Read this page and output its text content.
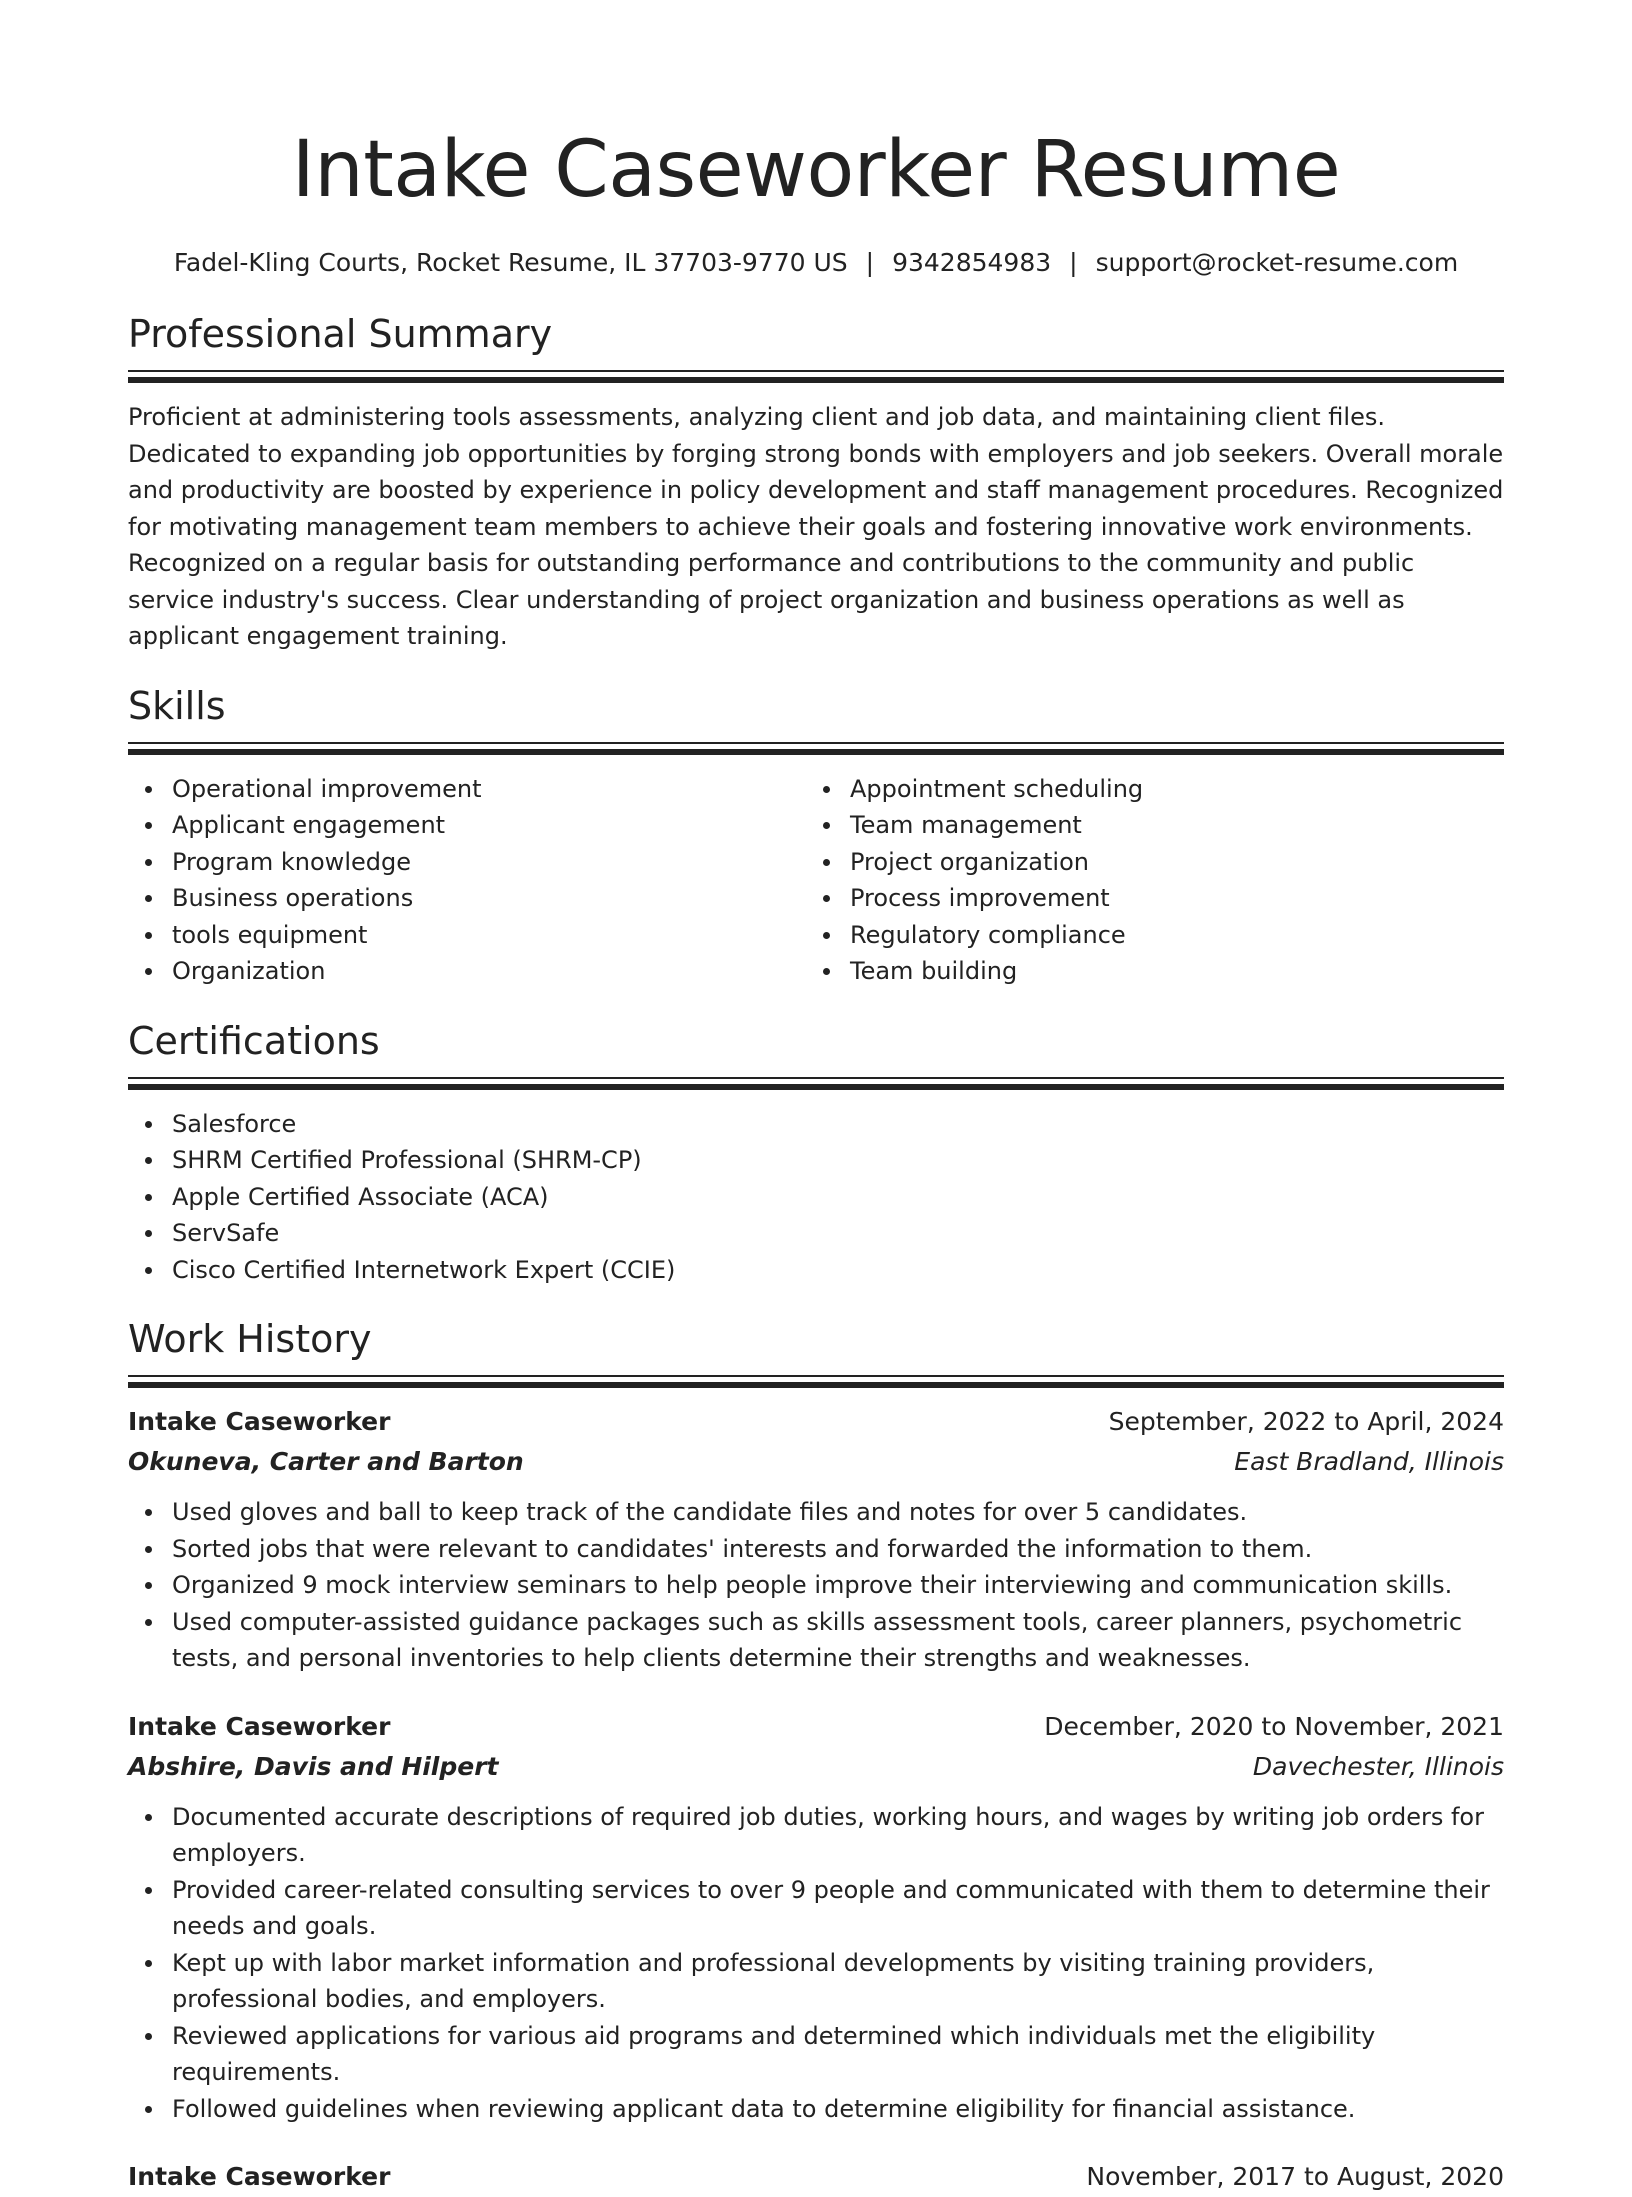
Intake Caseworker Resume
Fadel-Kling Courts, Rocket Resume, IL 37703-9770 US | 9342854983 | support@rocket-resume.com
Professional Summary
Proficient at administering tools assessments, analyzing client and job data, and maintaining client files. Dedicated to expanding job opportunities by forging strong bonds with employers and job seekers. Overall morale and productivity are boosted by experience in policy development and staff management procedures. Recognized for motivating management team members to achieve their goals and fostering innovative work environments. Recognized on a regular basis for outstanding performance and contributions to the community and public service industry's success. Clear understanding of project organization and business operations as well as applicant engagement training.
Skills
Operational improvement
Applicant engagement
Program knowledge
Business operations
tools equipment
Organization
Appointment scheduling
Team management
Project organization
Process improvement
Regulatory compliance
Team building
Certifications
Salesforce
SHRM Certified Professional (SHRM-CP)
Apple Certified Associate (ACA)
ServSafe
Cisco Certified Internetwork Expert (CCIE)
Work History
Intake Caseworker	September, 2022 to April, 2024
Okuneva, Carter and Barton	East Bradland, Illinois
Used gloves and ball to keep track of the candidate files and notes for over 5 candidates.
Sorted jobs that were relevant to candidates' interests and forwarded the information to them.
Organized 9 mock interview seminars to help people improve their interviewing and communication skills.
Used computer-assisted guidance packages such as skills assessment tools, career planners, psychometric tests, and personal inventories to help clients determine their strengths and weaknesses.
Intake Caseworker	December, 2020 to November, 2021
Abshire, Davis and Hilpert	Davechester, Illinois
Documented accurate descriptions of required job duties, working hours, and wages by writing job orders for employers.
Provided career-related consulting services to over 9 people and communicated with them to determine their needs and goals.
Kept up with labor market information and professional developments by visiting training providers, professional bodies, and employers.
Reviewed applications for various aid programs and determined which individuals met the eligibility requirements.
Followed guidelines when reviewing applicant data to determine eligibility for financial assistance.
Intake Caseworker	November, 2017 to August, 2020
